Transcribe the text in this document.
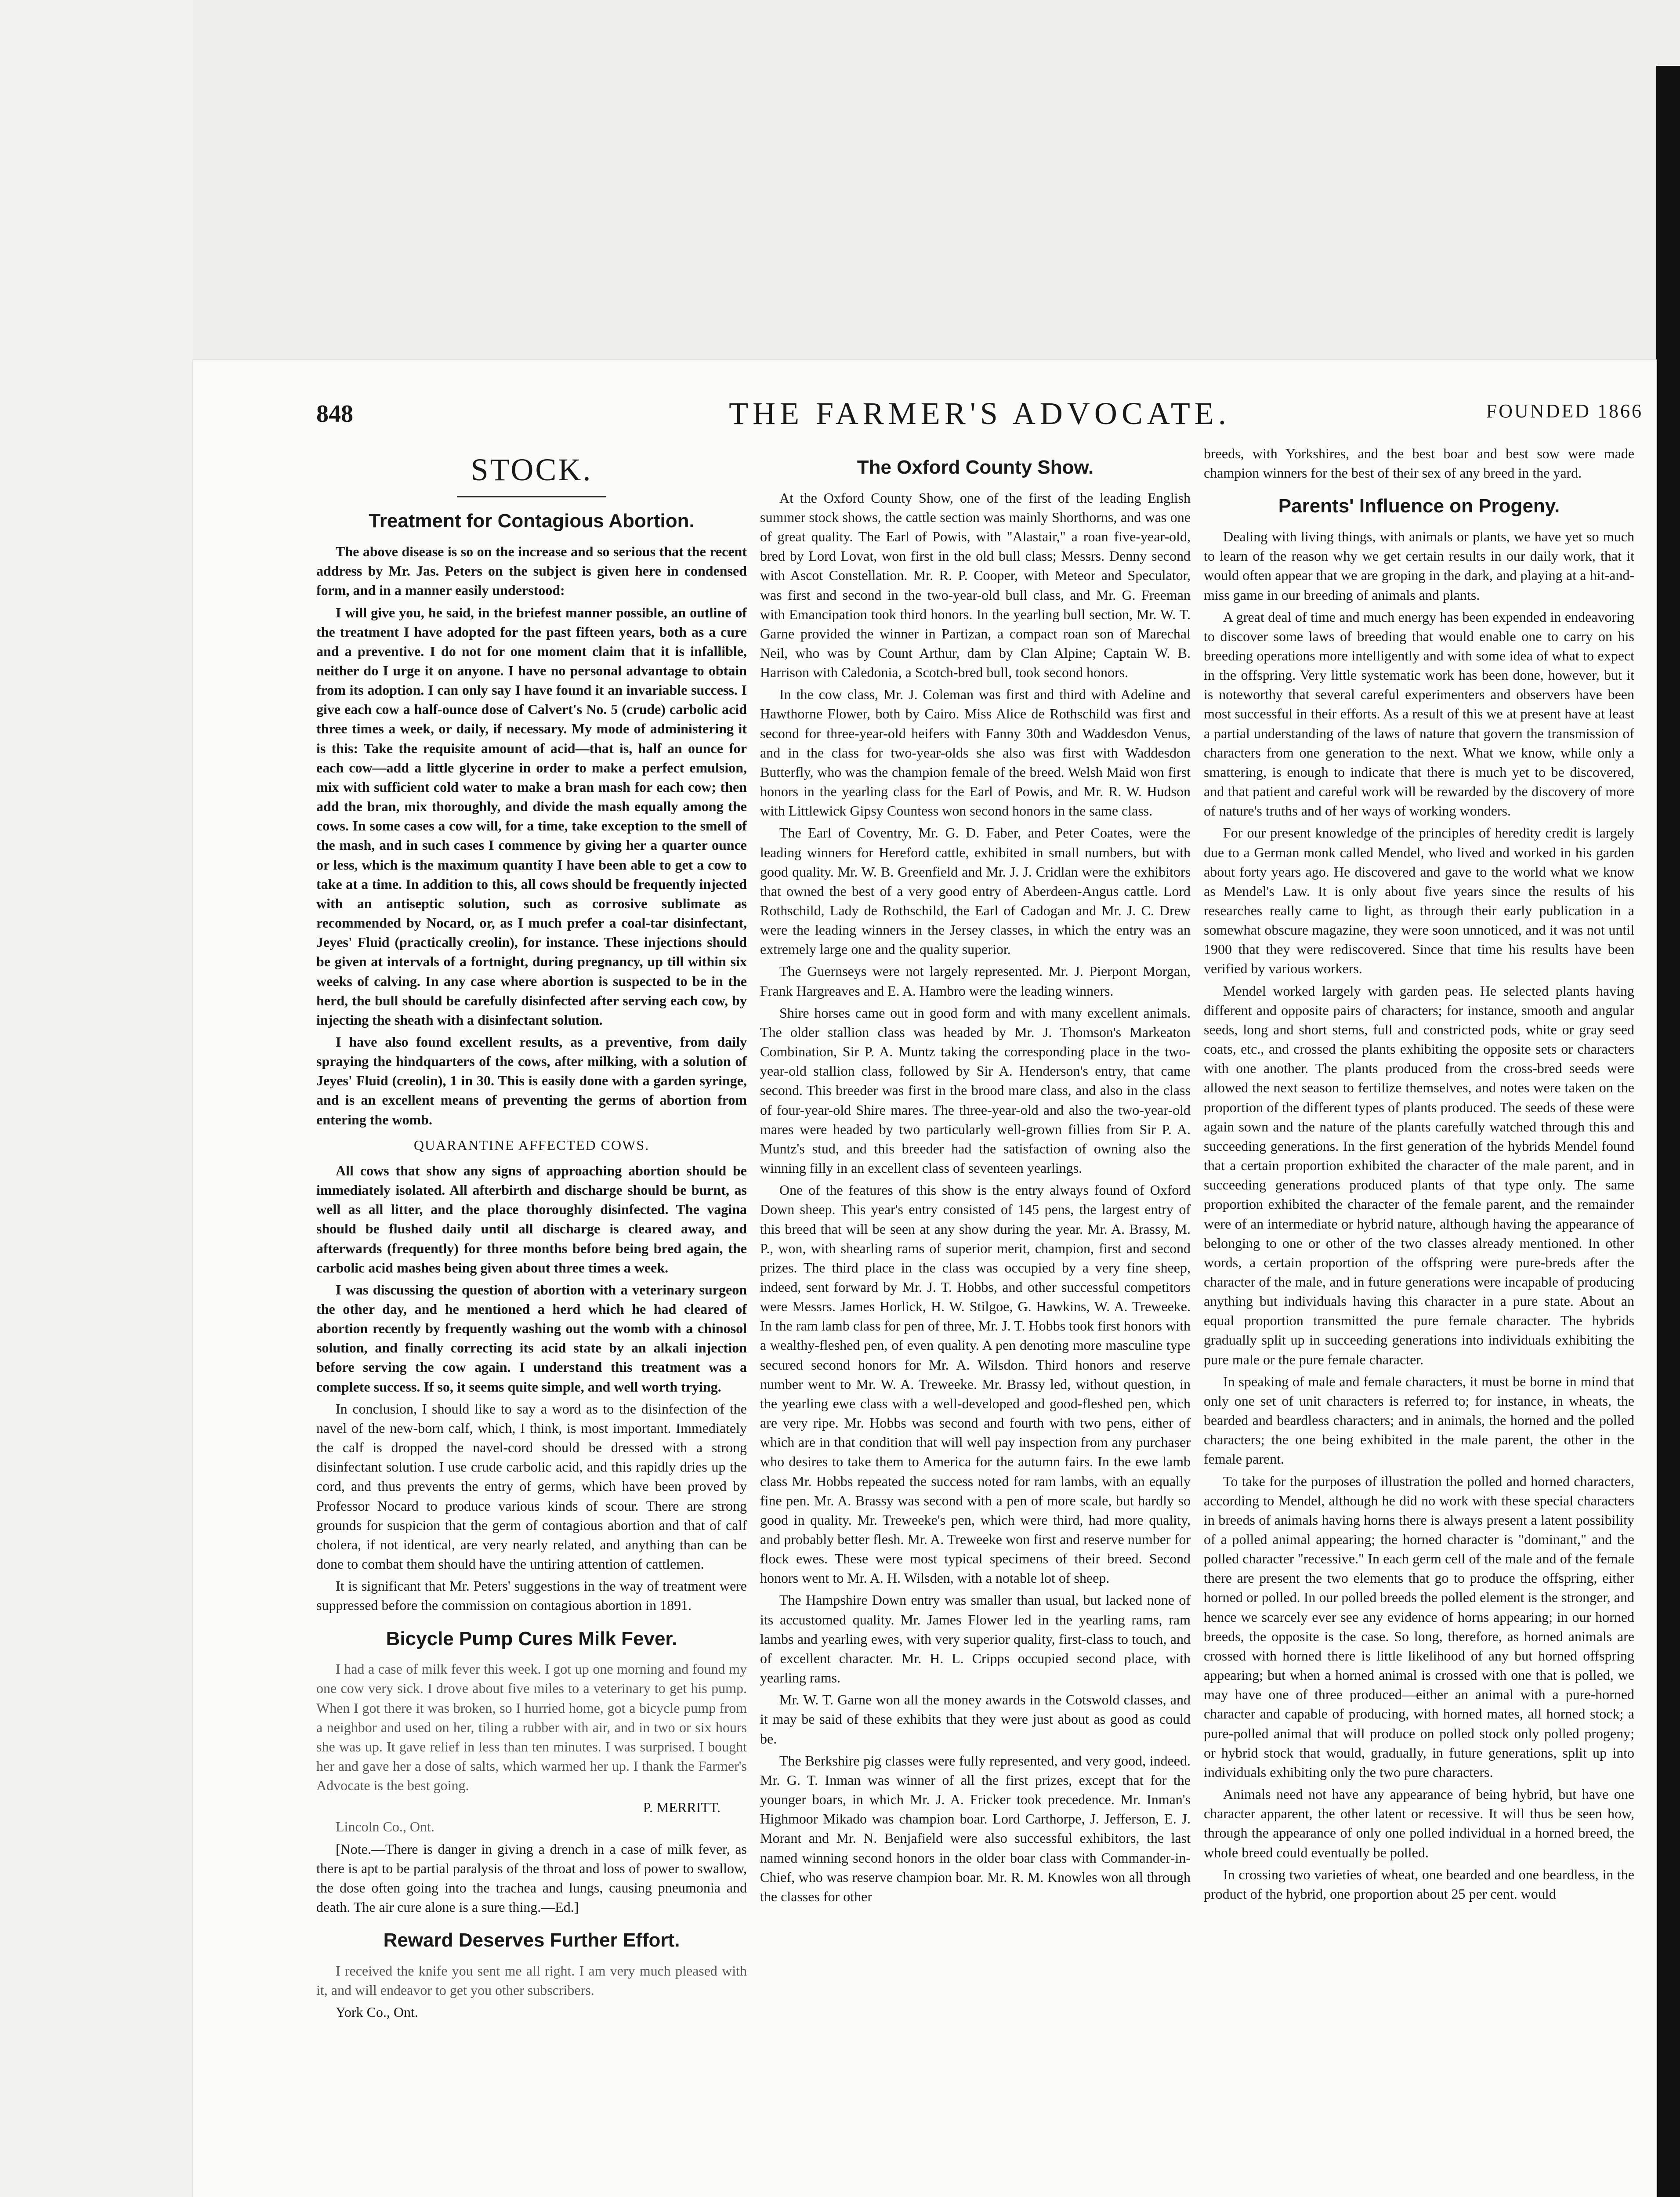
848	THE FARMER'S ADVOCATE.	FOUNDED 1866
STOCK.
Treatment for Contagious Abortion.

The above disease is so on the increase and so serious that the recent address by Mr. Jas. Peters on the subject is given here in condensed form, and in a manner easily understood:

I will give you, he said, in the briefest manner possible, an outline of the treatment I have adopted for the past fifteen years, both as a cure and a preventive. I do not for one moment claim that it is infallible, neither do I urge it on anyone. I have no personal advantage to obtain from its adoption. I can only say I have found it an invariable success. I give each cow a half-ounce dose of Calvert's No. 5 (crude) carbolic acid three times a week, or daily, if necessary. My mode of administering it is this: Take the requisite amount of acid—that is, half an ounce for each cow—add a little glycerine in order to make a perfect emulsion, mix with sufficient cold water to make a bran mash for each cow; then add the bran, mix thoroughly, and divide the mash equally among the cows. In some cases a cow will, for a time, take exception to the smell of the mash, and in such cases I commence by giving her a quarter ounce or less, which is the maximum quantity I have been able to get a cow to take at a time. In addition to this, all cows should be frequently injected with an antiseptic solution, such as corrosive sublimate as recommended by Nocard, or, as I much prefer a coal-tar disinfectant, Jeyes' Fluid (practically creolin), for instance. These injections should be given at intervals of a fortnight, during pregnancy, up till within six weeks of calving. In any case where abortion is suspected to be in the herd, the bull should be carefully disinfected after serving each cow, by injecting the sheath with a disinfectant solution.

I have also found excellent results, as a preventive, from daily spraying the hindquarters of the cows, after milking, with a solution of Jeyes' Fluid (creolin), 1 in 30. This is easily done with a garden syringe, and is an excellent means of preventing the germs of abortion from entering the womb.

QUARANTINE AFFECTED COWS.

All cows that show any signs of approaching abortion should be immediately isolated. All afterbirth and discharge should be burnt, as well as all litter, and the place thoroughly disinfected. The vagina should be flushed daily until all discharge is cleared away, and afterwards (frequently) for three months before being bred again, the carbolic acid mashes being given about three times a week.

I was discussing the question of abortion with a veterinary surgeon the other day, and he mentioned a herd which he had cleared of abortion recently by frequently washing out the womb with a chinosol solution, and finally correcting its acid state by an alkali injection before serving the cow again. I understand this treatment was a complete success. If so, it seems quite simple, and well worth trying.

In conclusion, I should like to say a word as to the disinfection of the navel of the new-born calf, which, I think, is most important. Immediately the calf is dropped the navel-cord should be dressed with a strong disinfectant solution. I use crude carbolic acid, and this rapidly dries up the cord, and thus prevents the entry of germs, which have been proved by Professor Nocard to produce various kinds of scour. There are strong grounds for suspicion that the germ of contagious abortion and that of calf cholera, if not identical, are very nearly related, and anything than can be done to combat them should have the untiring attention of cattlemen.

It is significant that Mr. Peters' suggestions in the way of treatment were suppressed before the commission on contagious abortion in 1891.

Bicycle Pump Cures Milk Fever.

I had a case of milk fever this week. I got up one morning and found my one cow very sick. I drove about five miles to a veterinary to get his pump. When I got there it was broken, so I hurried home, got a bicycle pump from a neighbor and used on her, tiling a rubber with air, and in two or six hours she was up. It gave relief in less than ten minutes. I was surprised. I bought her and gave her a dose of salts, which warmed her up. I thank the Farmer's Advocate is the best going.

P. MERRITT.

Lincoln Co., Ont.

[Note.—There is danger in giving a drench in a case of milk fever, as there is apt to be partial paralysis of the throat and loss of power to swallow, the dose often going into the trachea and lungs, causing pneumonia and death. The air cure alone is a sure thing.—Ed.]

Reward Deserves Further Effort.

I received the knife you sent me all right. I am very much pleased with it, and will endeavor to get you other subscribers.

York Co., Ont.

The Oxford County Show.

At the Oxford County Show, one of the first of the leading English summer stock shows, the cattle section was mainly Shorthorns, and was one of great quality. The Earl of Powis, with "Alastair," a roan five-year-old, bred by Lord Lovat, won first in the old bull class; Messrs. Denny second with Ascot Constellation. Mr. R. P. Cooper, with Meteor and Speculator, was first and second in the two-year-old bull class, and Mr. G. Freeman with Emancipation took third honors. In the yearling bull section, Mr. W. T. Garne provided the winner in Partizan, a compact roan son of Marechal Neil, who was by Count Arthur, dam by Clan Alpine; Captain W. B. Harrison with Caledonia, a Scotch-bred bull, took second honors.

In the cow class, Mr. J. Coleman was first and third with Adeline and Hawthorne Flower, both by Cairo. Miss Alice de Rothschild was first and second for three-year-old heifers with Fanny 30th and Waddesdon Venus, and in the class for two-year-olds she also was first with Waddesdon Butterfly, who was the champion female of the breed. Welsh Maid won first honors in the yearling class for the Earl of Powis, and Mr. R. W. Hudson with Littlewick Gipsy Countess won second honors in the same class.

The Earl of Coventry, Mr. G. D. Faber, and Peter Coates, were the leading winners for Hereford cattle, exhibited in small numbers, but with good quality. Mr. W. B. Greenfield and Mr. J. J. Cridlan were the exhibitors that owned the best of a very good entry of Aberdeen-Angus cattle. Lord Rothschild, Lady de Rothschild, the Earl of Cadogan and Mr. J. C. Drew were the leading winners in the Jersey classes, in which the entry was an extremely large one and the quality superior.

The Guernseys were not largely represented. Mr. J. Pierpont Morgan, Frank Hargreaves and E. A. Hambro were the leading winners.

Shire horses came out in good form and with many excellent animals. The older stallion class was headed by Mr. J. Thomson's Markeaton Combination, Sir P. A. Muntz taking the corresponding place in the two-year-old stallion class, followed by Sir A. Henderson's entry, that came second. This breeder was first in the brood mare class, and also in the class of four-year-old Shire mares. The three-year-old and also the two-year-old mares were headed by two particularly well-grown fillies from Sir P. A. Muntz's stud, and this breeder had the satisfaction of owning also the winning filly in an excellent class of seventeen yearlings.

One of the features of this show is the entry always found of Oxford Down sheep. This year's entry consisted of 145 pens, the largest entry of this breed that will be seen at any show during the year. Mr. A. Brassy, M. P., won, with shearling rams of superior merit, champion, first and second prizes. The third place in the class was occupied by a very fine sheep, indeed, sent forward by Mr. J. T. Hobbs, and other successful competitors were Messrs. James Horlick, H. W. Stilgoe, G. Hawkins, W. A. Treweeke. In the ram lamb class for pen of three, Mr. J. T. Hobbs took first honors with a wealthy-fleshed pen, of even quality. A pen denoting more masculine type secured second honors for Mr. A. Wilsdon. Third honors and reserve number went to Mr. W. A. Treweeke. Mr. Brassy led, without question, in the yearling ewe class with a well-developed and good-fleshed pen, which are very ripe. Mr. Hobbs was second and fourth with two pens, either of which are in that condition that will well pay inspection from any purchaser who desires to take them to America for the autumn fairs. In the ewe lamb class Mr. Hobbs repeated the success noted for ram lambs, with an equally fine pen. Mr. A. Brassy was second with a pen of more scale, but hardly so good in quality. Mr. Treweeke's pen, which were third, had more quality, and probably better flesh. Mr. A. Treweeke won first and reserve number for flock ewes. These were most typical specimens of their breed. Second honors went to Mr. A. H. Wilsden, with a notable lot of sheep.

The Hampshire Down entry was smaller than usual, but lacked none of its accustomed quality. Mr. James Flower led in the yearling rams, ram lambs and yearling ewes, with very superior quality, first-class to touch, and of excellent character. Mr. H. L. Cripps occupied second place, with yearling rams.

Mr. W. T. Garne won all the money awards in the Cotswold classes, and it may be said of these exhibits that they were just about as good as could be.

The Berkshire pig classes were fully represented, and very good, indeed. Mr. G. T. Inman was winner of all the first prizes, except that for the younger boars, in which Mr. J. A. Fricker took precedence. Mr. Inman's Highmoor Mikado was champion boar. Lord Carthorpe, J. Jefferson, E. J. Morant and Mr. N. Benjafield were also successful exhibitors, the last named winning second honors in the older boar class with Commander-in-Chief, who was reserve champion boar. Mr. R. M. Knowles won all through the classes for other

breeds, with Yorkshires, and the best boar and best sow were made champion winners for the best of their sex of any breed in the yard.

Parents' Influence on Progeny.

Dealing with living things, with animals or plants, we have yet so much to learn of the reason why we get certain results in our daily work, that it would often appear that we are groping in the dark, and playing at a hit-and-miss game in our breeding of animals and plants.

A great deal of time and much energy has been expended in endeavoring to discover some laws of breeding that would enable one to carry on his breeding operations more intelligently and with some idea of what to expect in the offspring. Very little systematic work has been done, however, but it is noteworthy that several careful experimenters and observers have been most successful in their efforts. As a result of this we at present have at least a partial understanding of the laws of nature that govern the transmission of characters from one generation to the next. What we know, while only a smattering, is enough to indicate that there is much yet to be discovered, and that patient and careful work will be rewarded by the discovery of more of nature's truths and of her ways of working wonders.

For our present knowledge of the principles of heredity credit is largely due to a German monk called Mendel, who lived and worked in his garden about forty years ago. He discovered and gave to the world what we know as Mendel's Law. It is only about five years since the results of his researches really came to light, as through their early publication in a somewhat obscure magazine, they were soon unnoticed, and it was not until 1900 that they were rediscovered. Since that time his results have been verified by various workers.

Mendel worked largely with garden peas. He selected plants having different and opposite pairs of characters; for instance, smooth and angular seeds, long and short stems, full and constricted pods, white or gray seed coats, etc., and crossed the plants exhibiting the opposite sets or characters with one another. The plants produced from the cross-bred seeds were allowed the next season to fertilize themselves, and notes were taken on the proportion of the different types of plants produced. The seeds of these were again sown and the nature of the plants carefully watched through this and succeeding generations. In the first generation of the hybrids Mendel found that a certain proportion exhibited the character of the male parent, and in succeeding generations produced plants of that type only. The same proportion exhibited the character of the female parent, and the remainder were of an intermediate or hybrid nature, although having the appearance of belonging to one or other of the two classes already mentioned. In other words, a certain proportion of the offspring were pure-breds after the character of the male, and in future generations were incapable of producing anything but individuals having this character in a pure state. About an equal proportion transmitted the pure female character. The hybrids gradually split up in succeeding generations into individuals exhibiting the pure male or the pure female character.

In speaking of male and female characters, it must be borne in mind that only one set of unit characters is referred to; for instance, in wheats, the bearded and beardless characters; and in animals, the horned and the polled characters; the one being exhibited in the male parent, the other in the female parent.

To take for the purposes of illustration the polled and horned characters, according to Mendel, although he did no work with these special characters in breeds of animals having horns there is always present a latent possibility of a polled animal appearing; the horned character is "dominant," and the polled character "recessive." In each germ cell of the male and of the female there are present the two elements that go to produce the offspring, either horned or polled. In our polled breeds the polled element is the stronger, and hence we scarcely ever see any evidence of horns appearing; in our horned breeds, the opposite is the case. So long, therefore, as horned animals are crossed with horned there is little likelihood of any but horned offspring appearing; but when a horned animal is crossed with one that is polled, we may have one of three produced—either an animal with a pure-horned character and capable of producing, with horned mates, all horned stock; a pure-polled animal that will produce on polled stock only polled progeny; or hybrid stock that would, gradually, in future generations, split up into individuals exhibiting only the two pure characters.

Animals need not have any appearance of being hybrid, but have one character apparent, the other latent or recessive. It will thus be seen how, through the appearance of only one polled individual in a horned breed, the whole breed could eventually be polled.

In crossing two varieties of wheat, one bearded and one beardless, in the product of the hybrid, one proportion about 25 per cent. would
